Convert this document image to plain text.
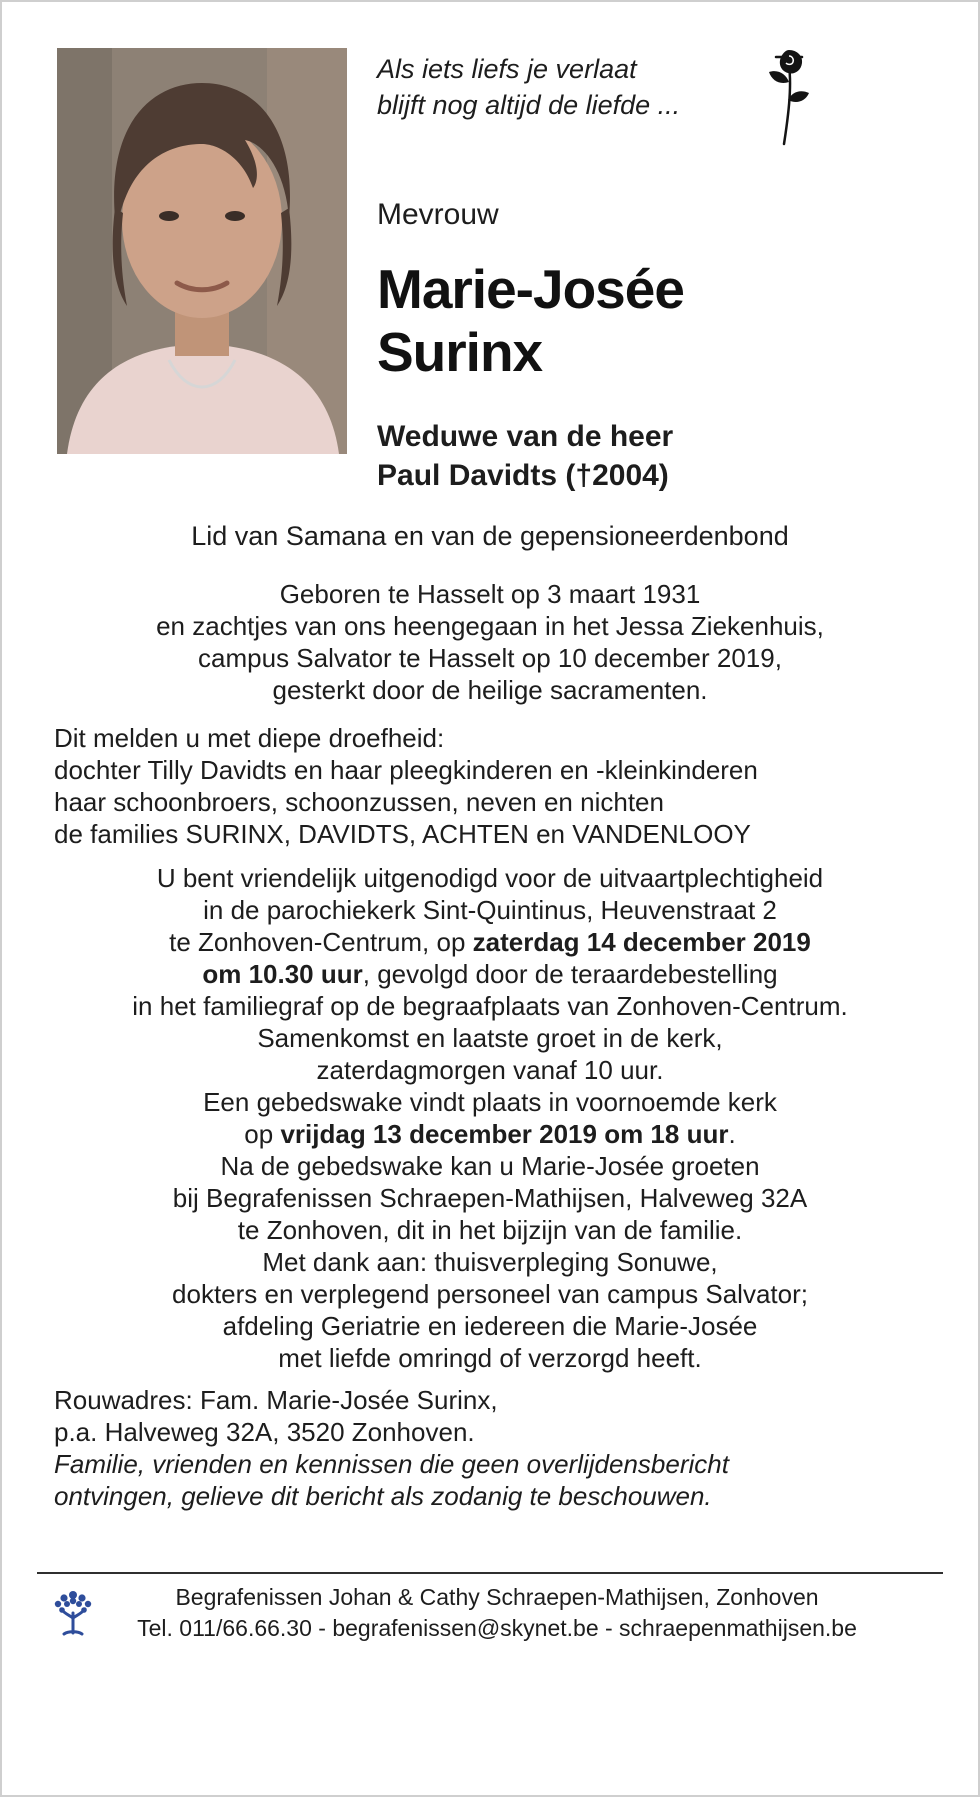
Als iets liefs je verlaat
blijft nog altijd de liefde ...
Mevrouw
Marie-Josée
Surinx
Weduwe van de heer
Paul Davidts (†2004)
Lid van Samana en van de gepensioneerdenbond
Geboren te Hasselt op 3 maart 1931
en zachtjes van ons heengegaan in het Jessa Ziekenhuis,
campus Salvator te Hasselt op 10 december 2019,
gesterkt door de heilige sacramenten.
Dit melden u met diepe droefheid:
dochter Tilly Davidts en haar pleegkinderen en -kleinkinderen
haar schoonbroers, schoonzussen, neven en nichten
de families SURINX, DAVIDTS, ACHTEN en VANDENLOOY
U bent vriendelijk uitgenodigd voor de uitvaartplechtigheid
in de parochiekerk Sint-Quintinus, Heuvenstraat 2
te Zonhoven-Centrum, op zaterdag 14 december 2019
om 10.30 uur, gevolgd door de teraardebestelling
in het familiegraf op de begraafplaats van Zonhoven-Centrum.
Samenkomst en laatste groet in de kerk,
zaterdagmorgen vanaf 10 uur.
Een gebedswake vindt plaats in voornoemde kerk
op vrijdag 13 december 2019 om 18 uur.
Na de gebedswake kan u Marie-Josée groeten
bij Begrafenissen Schraepen-Mathijsen, Halveweg 32A
te Zonhoven, dit in het bijzijn van de familie.
Met dank aan: thuisverpleging Sonuwe,
dokters en verplegend personeel van campus Salvator;
afdeling Geriatrie en iedereen die Marie-Josée
met liefde omringd of verzorgd heeft.
Rouwadres: Fam. Marie-Josée Surinx,
p.a. Halveweg 32A, 3520 Zonhoven.
Familie, vrienden en kennissen die geen overlijdensbericht
ontvingen, gelieve dit bericht als zodanig te beschouwen.
Begrafenissen Johan & Cathy Schraepen-Mathijsen, Zonhoven
Tel. 011/66.66.30 - begrafenissen@skynet.be - schraepenmathijsen.be
